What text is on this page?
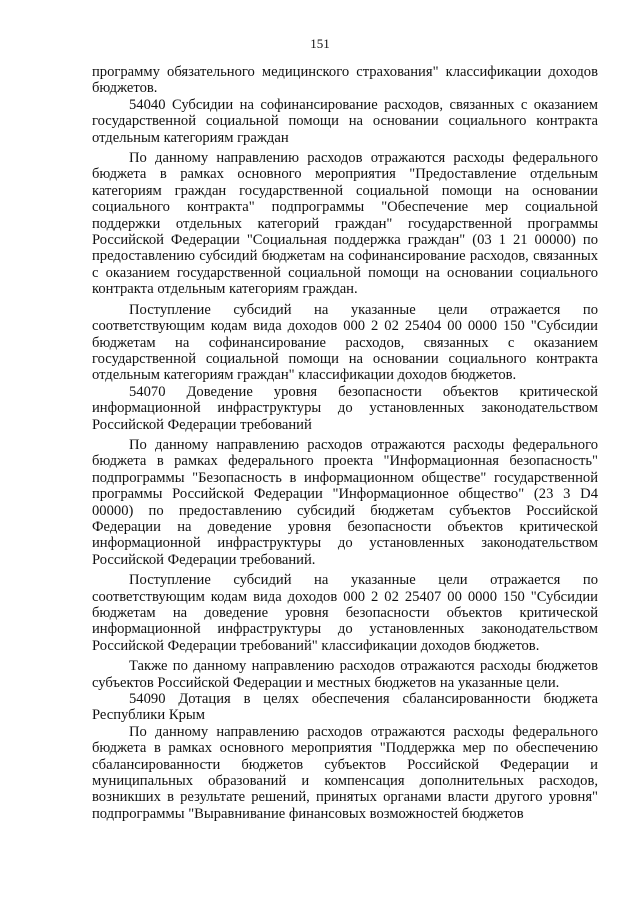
151

программу обязательного медицинского страхования" классификации доходов бюджетов.

54040 Субсидии на софинансирование расходов, связанных с оказанием государственной социальной помощи на основании социального контракта отдельным категориям граждан

По данному направлению расходов отражаются расходы федерального бюджета в рамках основного мероприятия "Предоставление отдельным категориям граждан государственной социальной помощи на основании социального контракта" подпрограммы "Обеспечение мер социальной поддержки отдельных категорий граждан" государственной программы Российской Федерации "Социальная поддержка граждан" (03 1 21 00000) по предоставлению субсидий бюджетам на софинансирование расходов, связанных с оказанием государственной социальной помощи на основании социального контракта отдельным категориям граждан.

Поступление субсидий на указанные цели отражается по соответствующим кодам вида доходов 000 2 02 25404 00 0000 150 "Субсидии бюджетам на софинансирование расходов, связанных с оказанием государственной социальной помощи на основании социального контракта отдельным категориям граждан" классификации доходов бюджетов.

54070 Доведение уровня безопасности объектов критической информационной инфраструктуры до установленных законодательством Российской Федерации требований

По данному направлению расходов отражаются расходы федерального бюджета в рамках федерального проекта "Информационная безопасность" подпрограммы "Безопасность в информационном обществе" государственной программы Российской Федерации "Информационное общество" (23 3 D4 00000) по предоставлению субсидий бюджетам субъектов Российской Федерации на доведение уровня безопасности объектов критической информационной инфраструктуры до установленных законодательством Российской Федерации требований.

Поступление субсидий на указанные цели отражается по соответствующим кодам вида доходов 000 2 02 25407 00 0000 150 "Субсидии бюджетам на доведение уровня безопасности объектов критической информационной инфраструктуры до установленных законодательством Российской Федерации требований" классификации доходов бюджетов.

Также по данному направлению расходов отражаются расходы бюджетов субъектов Российской Федерации и местных бюджетов на указанные цели.

54090 Дотация в целях обеспечения сбалансированности бюджета Республики Крым

По данному направлению расходов отражаются расходы федерального бюджета в рамках основного мероприятия "Поддержка мер по обеспечению сбалансированности бюджетов субъектов Российской Федерации и муниципальных образований и компенсация дополнительных расходов, возникших в результате решений, принятых органами власти другого уровня" подпрограммы "Выравнивание финансовых возможностей бюджетов
